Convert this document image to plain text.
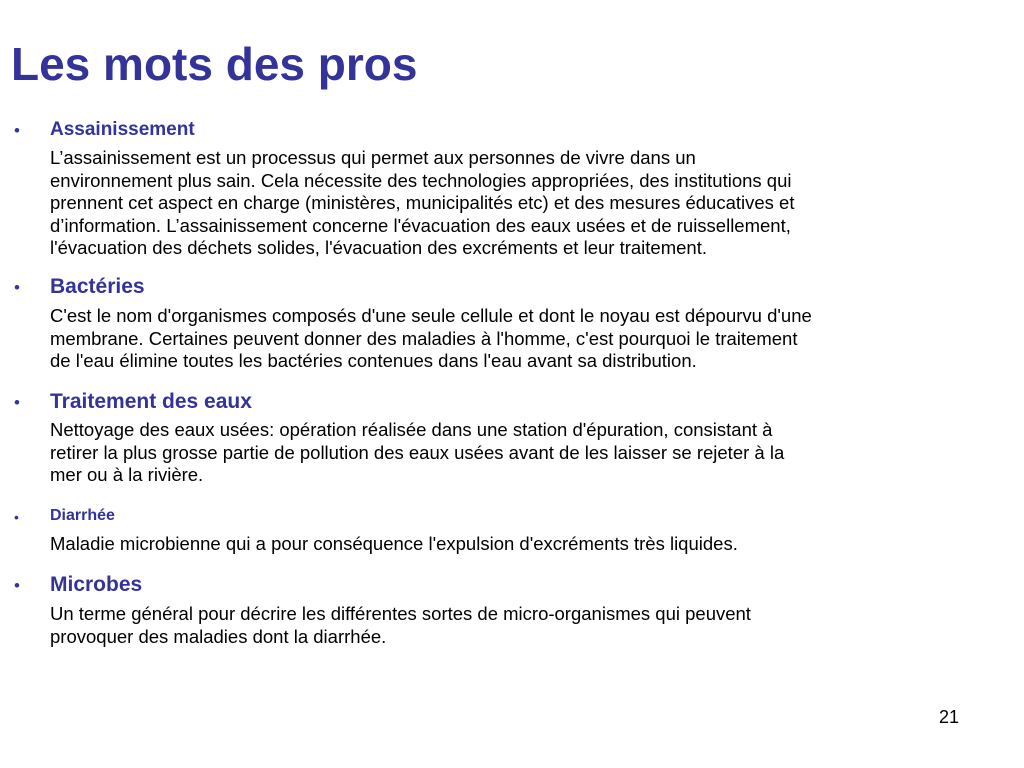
Les mots des pros
• Assainissement

L’assainissement est un processus qui permet aux personnes de vivre dans un
environnement plus sain. Cela nécessite des technologies appropriées, des institutions qui
prennent cet aspect en charge (ministères, municipalités etc) et des mesures éducatives et
d’information. L’assainissement concerne l'évacuation des eaux usées et de ruissellement,
l'évacuation des déchets solides, l'évacuation des excréments et leur traitement.

• Bactéries

C'est le nom d'organismes composés d'une seule cellule et dont le noyau est dépourvu d'une
membrane. Certaines peuvent donner des maladies à l'homme, c'est pourquoi le traitement
de l'eau élimine toutes les bactéries contenues dans l'eau avant sa distribution.

• Traitement des eaux

Nettoyage des eaux usées: opération réalisée dans une station d'épuration, consistant à
retirer la plus grosse partie de pollution des eaux usées avant de les laisser se rejeter à la
mer ou à la rivière.

• Diarrhée

Maladie microbienne qui a pour conséquence l'expulsion d'excréments très liquides.

• Microbes

Un terme général pour décrire les différentes sortes de micro-organismes qui peuvent
provoquer des maladies dont la diarrhée.

21
